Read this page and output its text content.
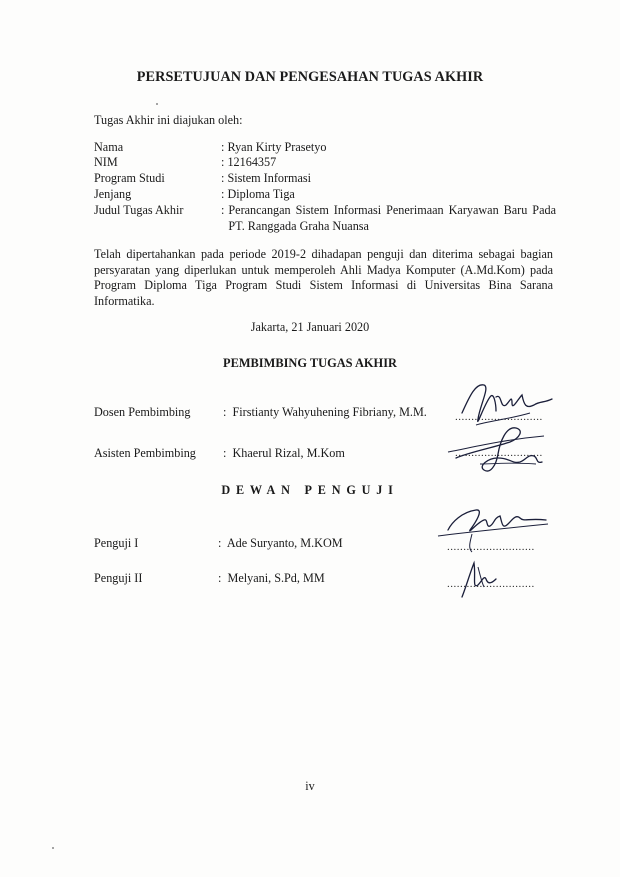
PERSETUJUAN DAN PENGESAHAN TUGAS AKHIR
Tugas Akhir ini diajukan oleh:
Nama	: Ryan Kirty Prasetyo
NIM	: 12164357
Program Studi	: Sistem Informasi
Jenjang	: Diploma Tiga
Judul Tugas Akhir	: Perancangan Sistem Informasi Penerimaan Karyawan Baru Pada PT. Ranggada Graha Nuansa
Telah dipertahankan pada periode 2019-2 dihadapan penguji dan diterima sebagai bagian persyaratan yang diperlukan untuk memperoleh Ahli Madya Komputer (A.Md.Kom) pada Program Diploma Tiga Program Studi Sistem Informasi di Universitas Bina Sarana Informatika.
Jakarta, 21 Januari 2020
PEMBIMBING TUGAS AKHIR
Dosen Pembimbing	: Firstianty Wahyuhening Fibriany, M.M.	...........................
Asisten Pembimbing : Khaerul Rizal, M.Kom	...........................
DEWAN PENGUJI
Penguji I	: Ade Suryanto, M.KOM	...........................
Penguji II	: Melyani, S.Pd, MM	...........................
iv
